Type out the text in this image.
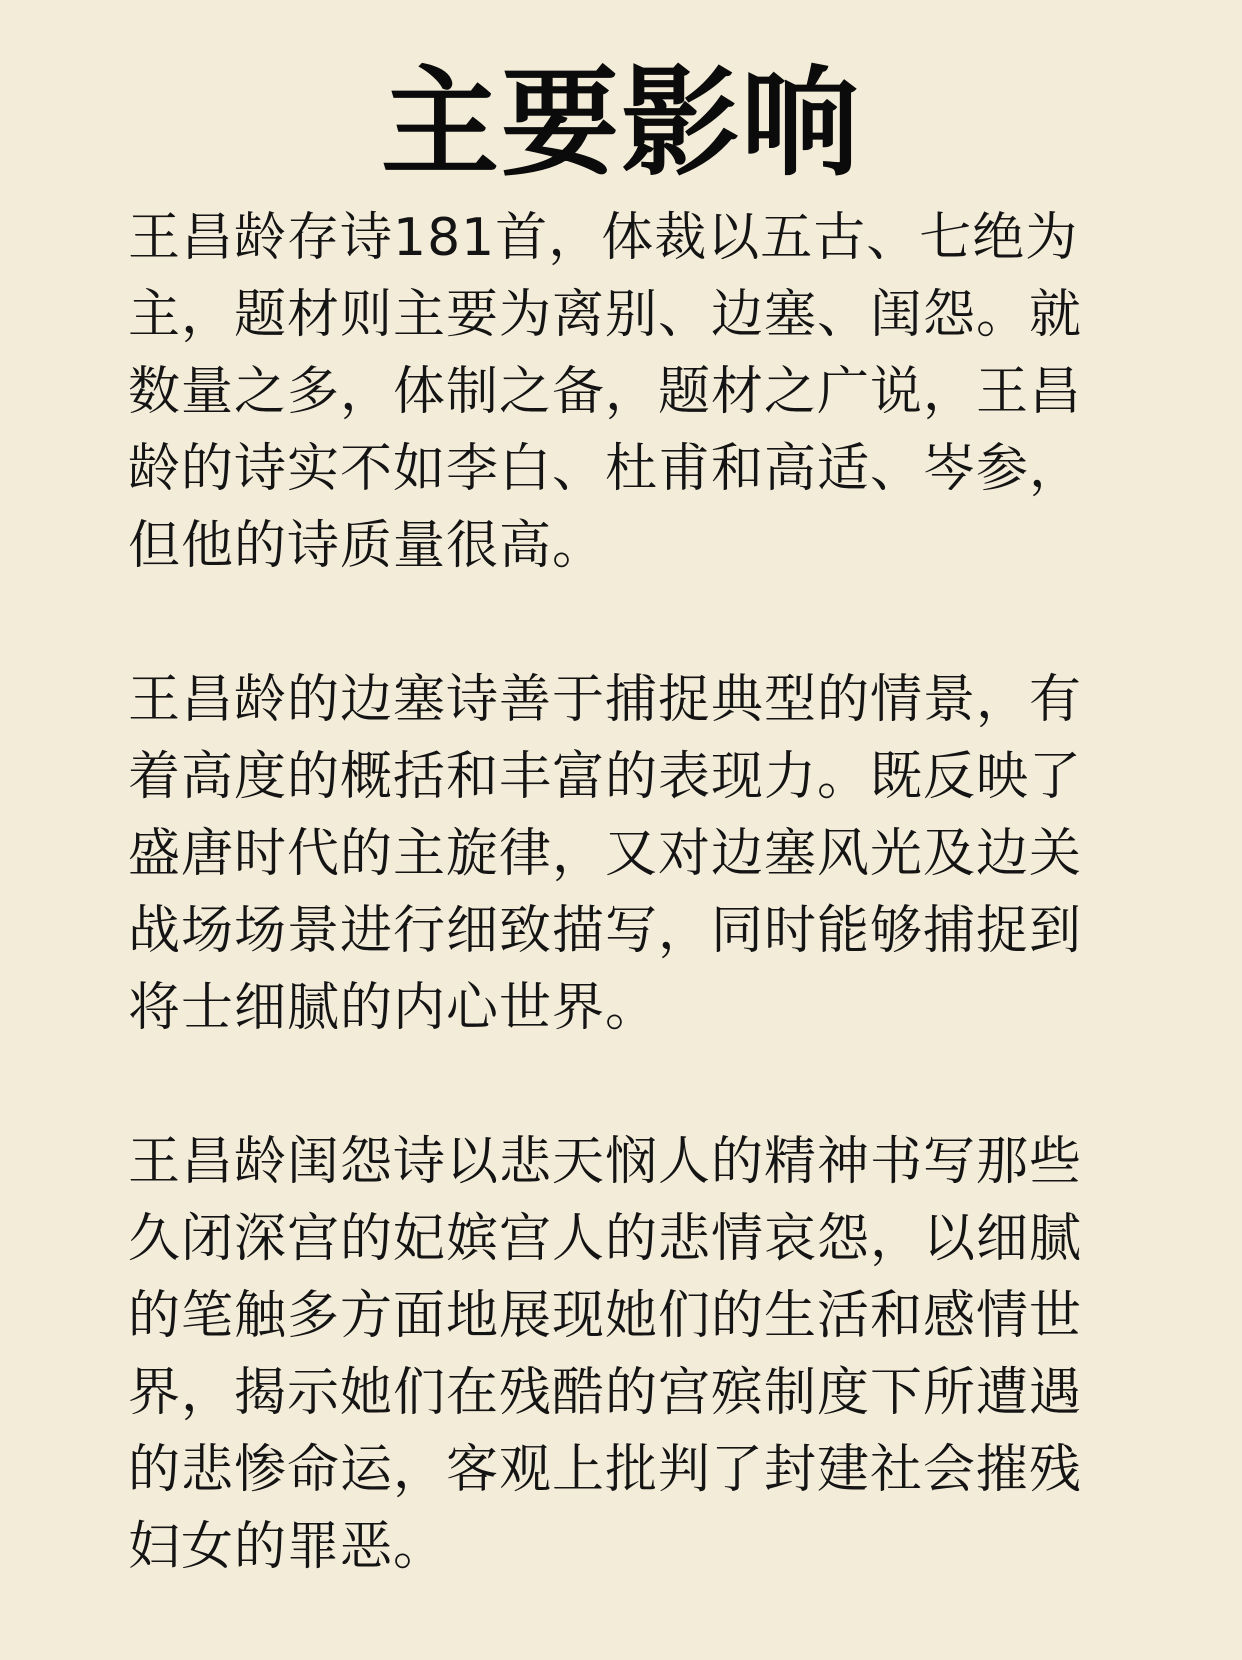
主要影响
王昌龄存诗181首，体裁以五古、七绝为
主，题材则主要为离别、边塞、闺怨。就
数量之多，体制之备，题材之广说，王昌
龄的诗实不如李白、杜甫和高适、岑参，
但他的诗质量很高。
王昌龄的边塞诗善于捕捉典型的情景，有
着高度的概括和丰富的表现力。既反映了
盛唐时代的主旋律，又对边塞风光及边关
战场场景进行细致描写，同时能够捕捉到
将士细腻的内心世界。
王昌龄闺怨诗以悲天悯人的精神书写那些
久闭深宫的妃嫔宫人的悲情哀怨，以细腻
的笔触多方面地展现她们的生活和感情世
界，揭示她们在残酷的宫殡制度下所遭遇
的悲惨命运，客观上批判了封建社会摧残
妇女的罪恶。
